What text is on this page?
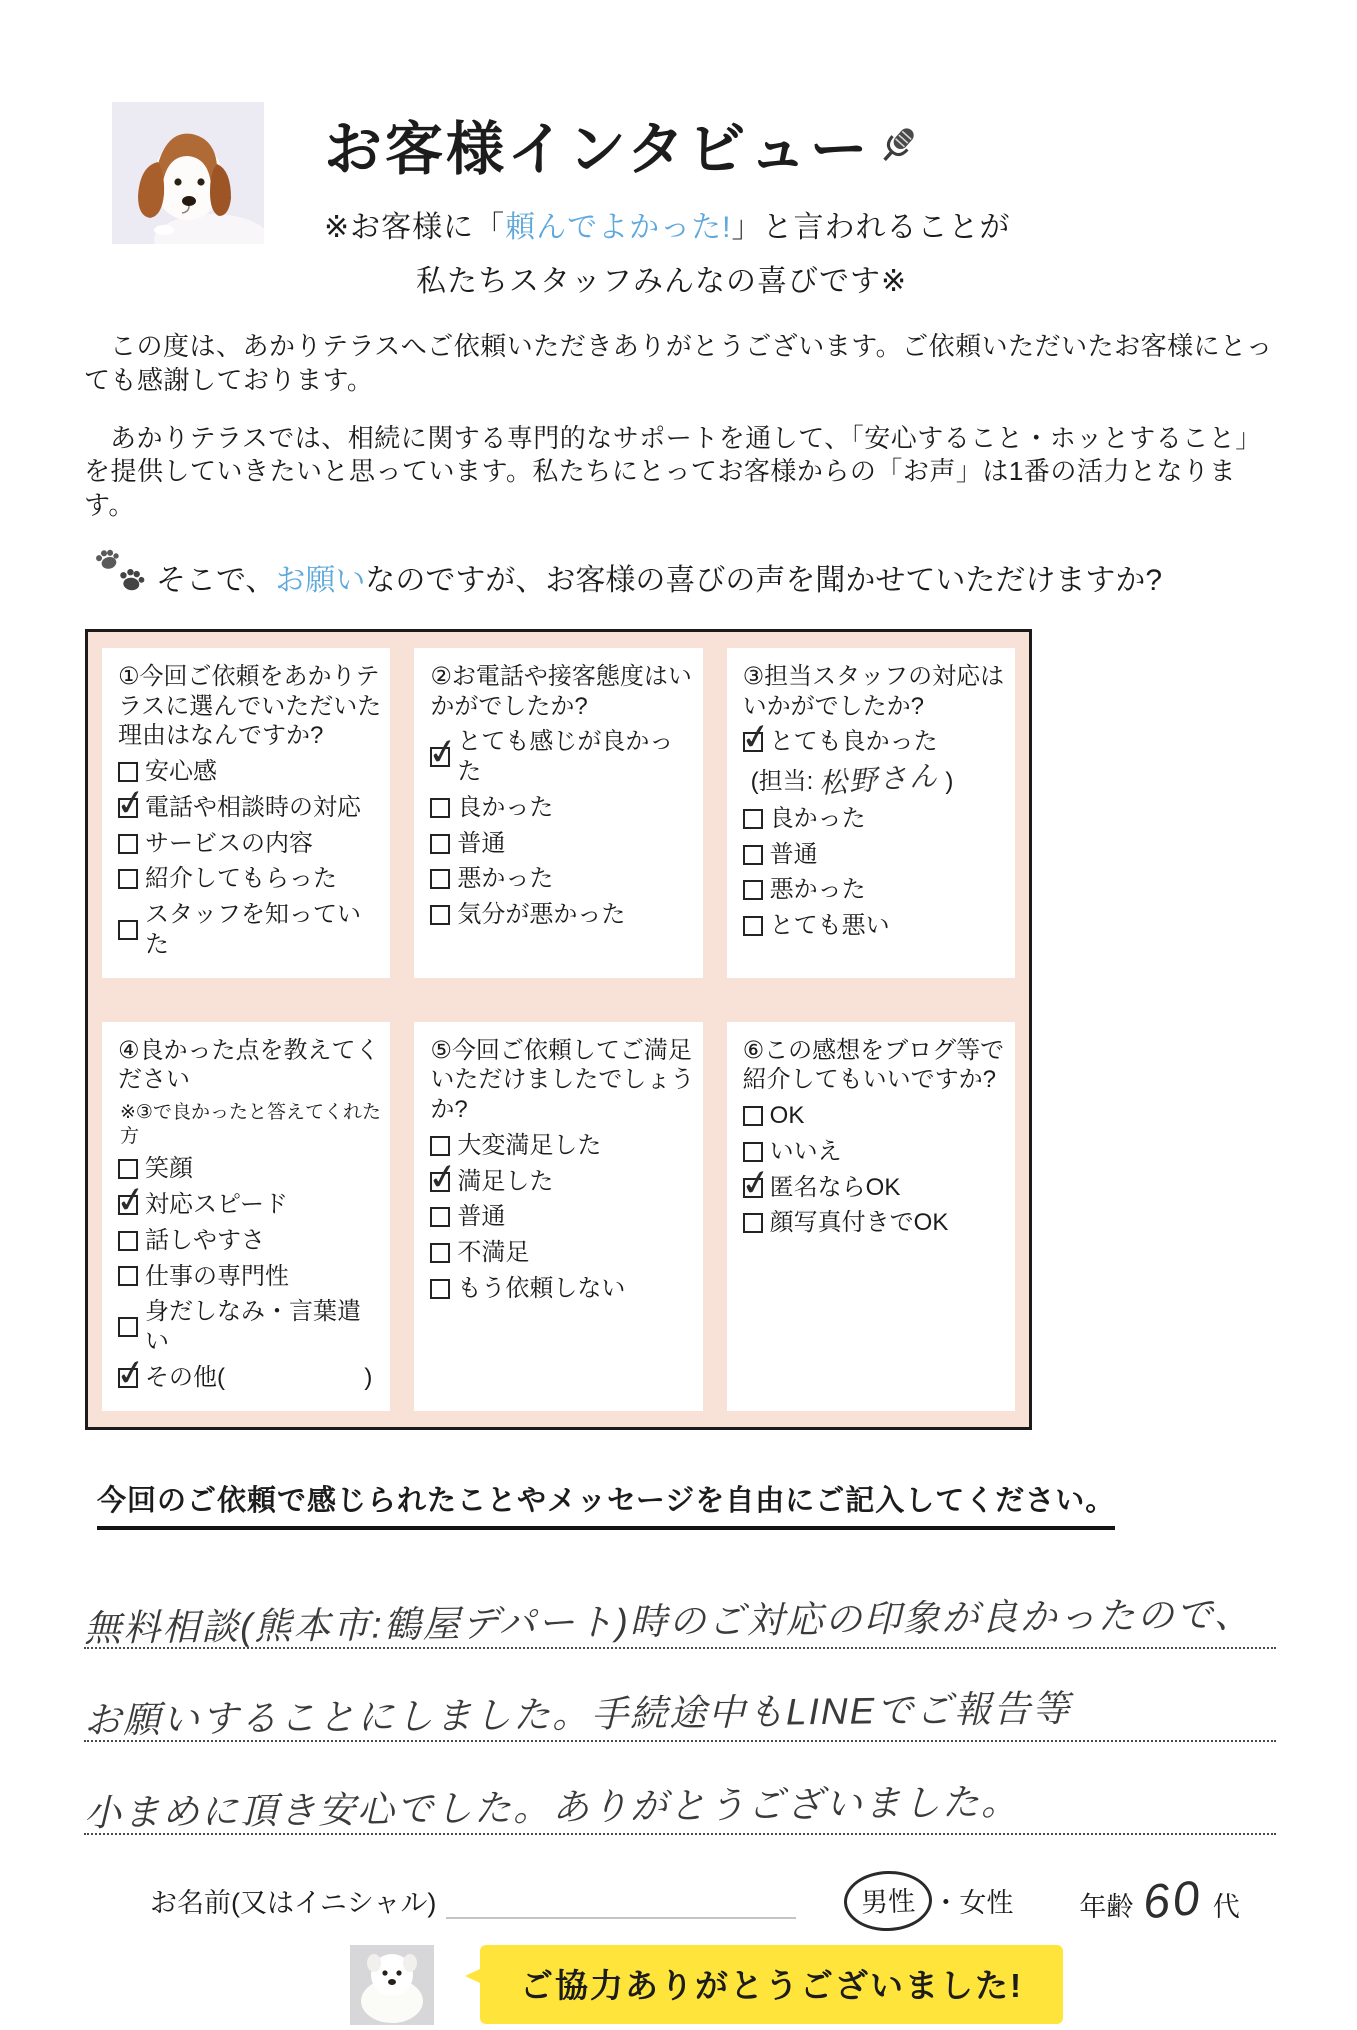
お客様インタビュー
※お客様に「頼んでよかった!」と言われることが
私たちスタッフみんなの喜びです※

この度は、あかりテラスへご依頼いただきありがとうございます。ご依頼いただいたお客様にとっても感謝しております。

あかりテラスでは、相続に関する専門的なサポートを通して、「安心すること・ホッとすること」を提供していきたいと思っています。私たちにとってお客様からの「お声」は1番の活力となります。

そこで、お願いなのですが、お客様の喜びの声を聞かせていただけますか?
①今回ご依頼をあかりテラスに選んでいただいた理由はなんですか?
安心感
✓
電話や相談時の対応
サービスの内容
紹介してもらった
スタッフを知っていた
②お電話や接客態度はいかがでしたか?
✓
とても感じが良かった
良かった
普通
悪かった
気分が悪かった
③担当スタッフの対応はいかがでしたか?
✓
とても良かった
(担当: 松野さん )
良かった
普通
悪かった
とても悪い
④良かった点を教えてください
※③で良かったと答えてくれた方
笑顔
✓
対応スピード
話しやすさ
仕事の専門性
身だしなみ・言葉遣い
✓
その他(	)
⑤今回ご依頼してご満足いただけましたでしょうか?
大変満足した
✓
満足した
普通
不満足
もう依頼しない
⑥この感想をブログ等で紹介してもいいですか?
OK
いいえ
✓
匿名ならOK
顔写真付きでOK
今回のご依頼で感じられたことやメッセージを自由にご記入してください。
無料相談(熊本市:鶴屋デパート)時のご対応の印象が良かったので、
お願いすることにしました。手続途中もLINEでご報告等
小まめに頂き安心でした。ありがとうございました。
お名前(又はイニシャル)	男性 ・ 女性 年齢 60 代
ご協力ありがとうございました!
